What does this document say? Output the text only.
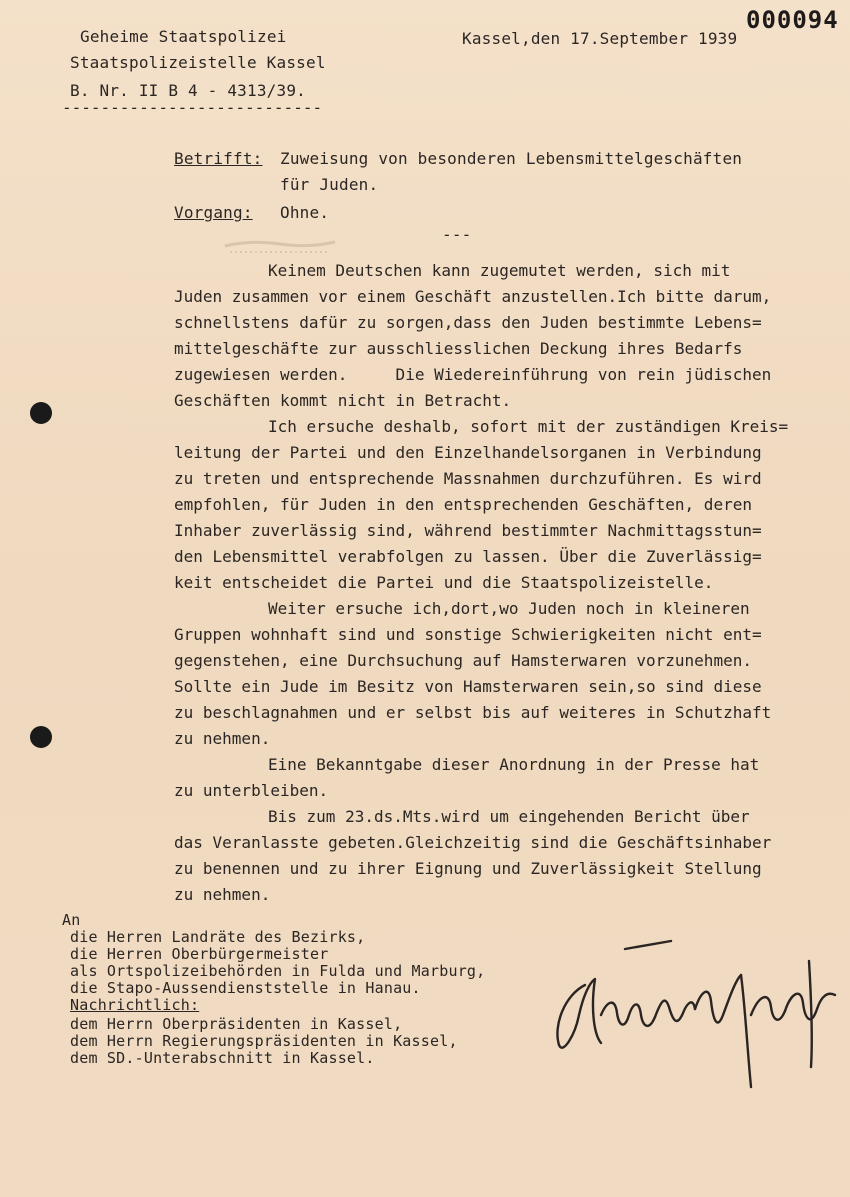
000094
Geheime Staatspolizei
Staatspolizeistelle Kassel
B. Nr. II B 4 - 4313/39.
---------------------------
Kassel,den 17.September 1939
Betrifft: Zuweisung von besonderen Lebensmittelgeschäften
für Juden.
Vorgang: Ohne.
---
Keinem Deutschen kann zugemutet werden, sich mit
Juden zusammen vor einem Geschäft anzustellen.Ich bitte darum,
schnellstens dafür zu sorgen,dass den Juden bestimmte Lebens=
mittelgeschäfte zur ausschliesslichen Deckung ihres Bedarfs
zugewiesen werden.     Die Wiedereinführung von rein jüdischen
Geschäften kommt nicht in Betracht.
Ich ersuche deshalb, sofort mit der zuständigen Kreis=
leitung der Partei und den Einzelhandelsorganen in Verbindung
zu treten und entsprechende Massnahmen durchzuführen. Es wird
empfohlen, für Juden in den entsprechenden Geschäften, deren
Inhaber zuverlässig sind, während bestimmter Nachmittagsstun=
den Lebensmittel verabfolgen zu lassen. Über die Zuverlässig=
keit entscheidet die Partei und die Staatspolizeistelle.
Weiter ersuche ich,dort,wo Juden noch in kleineren
Gruppen wohnhaft sind und sonstige Schwierigkeiten nicht ent=
gegenstehen, eine Durchsuchung auf Hamsterwaren vorzunehmen.
Sollte ein Jude im Besitz von Hamsterwaren sein,so sind diese
zu beschlagnahmen und er selbst bis auf weiteres in Schutzhaft
zu nehmen.
Eine Bekanntgabe dieser Anordnung in der Presse hat
zu unterbleiben.
Bis zum 23.ds.Mts.wird um eingehenden Bericht über
das Veranlasste gebeten.Gleichzeitig sind die Geschäftsinhaber
zu benennen und zu ihrer Eignung und Zuverlässigkeit Stellung
zu nehmen.
An
die Herren Landräte des Bezirks,
die Herren Oberbürgermeister
als Ortspolizeibehörden in Fulda und Marburg,
die Stapo-Aussendienststelle in Hanau.
Nachrichtlich:
dem Herrn Oberpräsidenten in Kassel,
dem Herrn Regierungspräsidenten in Kassel,
dem SD.-Unterabschnitt in Kassel.
